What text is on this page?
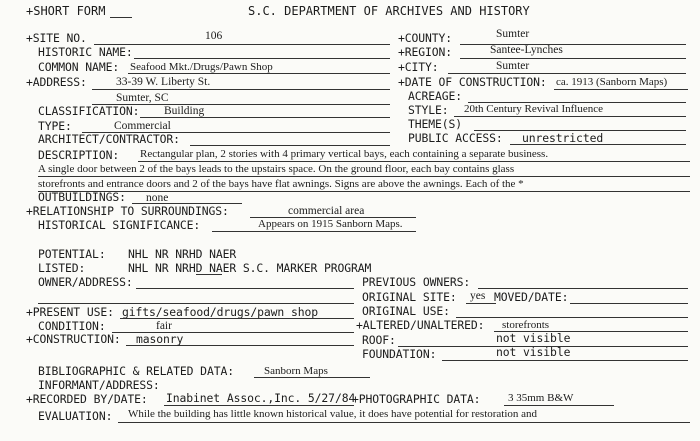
+SHORT FORM	S.C. DEPARTMENT OF ARCHIVES AND HISTORY
+SITE NO.	106	+COUNTY:	Sumter
HISTORIC NAME:	+REGION:	Santee-Lynches
COMMON NAME: Seafood Mkt./Drugs/Pawn Shop	+CITY:	Sumter
+ADDRESS:	33-39 W. Liberty St.	+DATE OF CONSTRUCTION: ca. 1913 (Sanborn Maps)
Sumter, SC	ACREAGE:
CLASSIFICATION: Building	STYLE: 20th Century Revival Influence
TYPE:	Commercial	THEME(S)
ARCHITECT/CONTRACTOR:	PUBLIC ACCESS: unrestricted
DESCRIPTION: Rectangular plan, 2 stories with 4 primary vertical bays, each containing a separate business.
A single door between 2 of the bays leads to the upstairs space. On the ground floor, each bay contains glass
storefronts and entrance doors and 2 of the bays have flat awnings. Signs are above the awnings. Each of the *
OUTBUILDINGS: none
+RELATIONSHIP TO SURROUNDINGS:	commercial area
HISTORICAL SIGNIFICANCE:	Appears on 1915 Sanborn Maps.
POTENTIAL: NHL NR NRHD NAER
LISTED:	NHL NR NRHD NAER S.C. MARKER PROGRAM
OWNER/ADDRESS:	PREVIOUS OWNERS:
ORIGINAL SITE: yes MOVED/DATE:
+PRESENT USE: gifts/seafood/drugs/pawn shop	ORIGINAL USE:
CONDITION:	fair	+ALTERED/UNALTERED: storefronts
+CONSTRUCTION: masonry	ROOF:	not visible
FOUNDATION:	not visible
BIBLIOGRAPHIC & RELATED DATA:	Sanborn Maps
INFORMANT/ADDRESS:
+RECORDED BY/DATE: Inabinet Assoc.,Inc. 5/27/84
+PHOTOGRAPHIC DATA:	3 35mm B&W
EVALUATION: While the building has little known historical value, it does have potential for restoration and
